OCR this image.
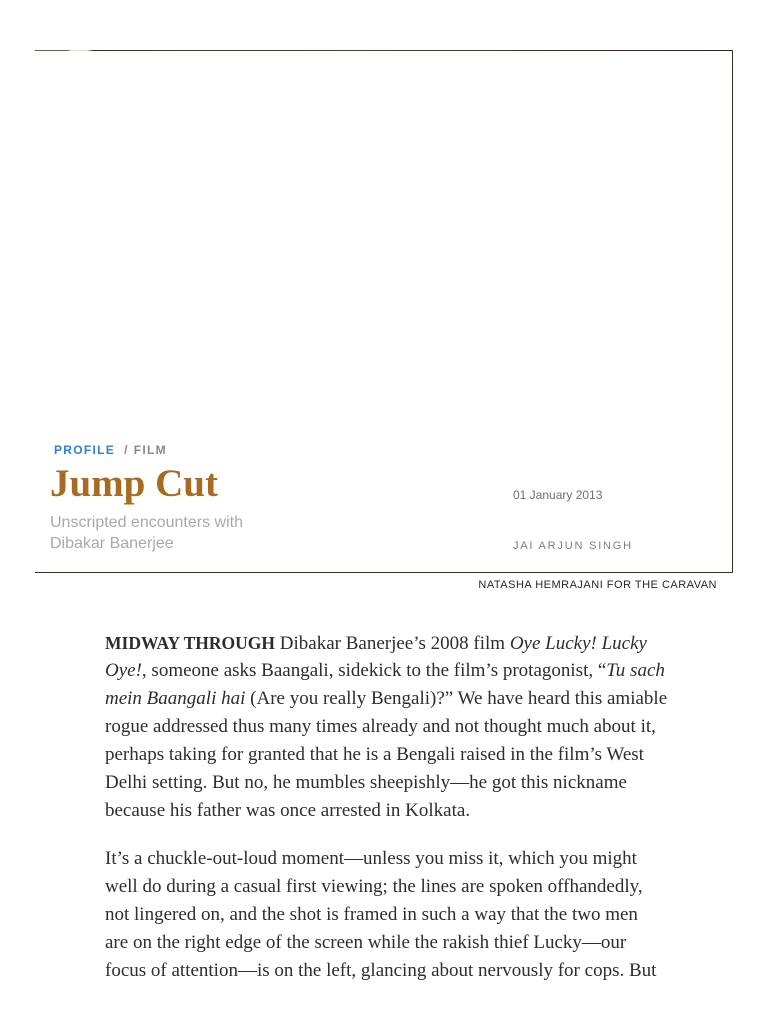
PROFILE / FILM
Jump Cut
Unscripted encounters with Dibakar Banerjee
01 January 2013
JAI ARJUN SINGH
NATASHA HEMRAJANI FOR THE CARAVAN

MIDWAY THROUGH Dibakar Banerjee’s 2008 film Oye Lucky! Lucky
Oye!, someone asks Baangali, sidekick to the film’s protagonist, “Tu sach
mein Baangali hai (Are you really Bengali)?” We have heard this amiable
rogue addressed thus many times already and not thought much about it,
perhaps taking for granted that he is a Bengali raised in the film’s West
Delhi setting. But no, he mumbles sheepishly—he got this nickname
because his father was once arrested in Kolkata.

It’s a chuckle-out-loud moment—unless you miss it, which you might
well do during a casual first viewing; the lines are spoken offhandedly,
not lingered on, and the shot is framed in such a way that the two men
are on the right edge of the screen while the rakish thief Lucky—our
focus of attention—is on the left, glancing about nervously for cops. But
